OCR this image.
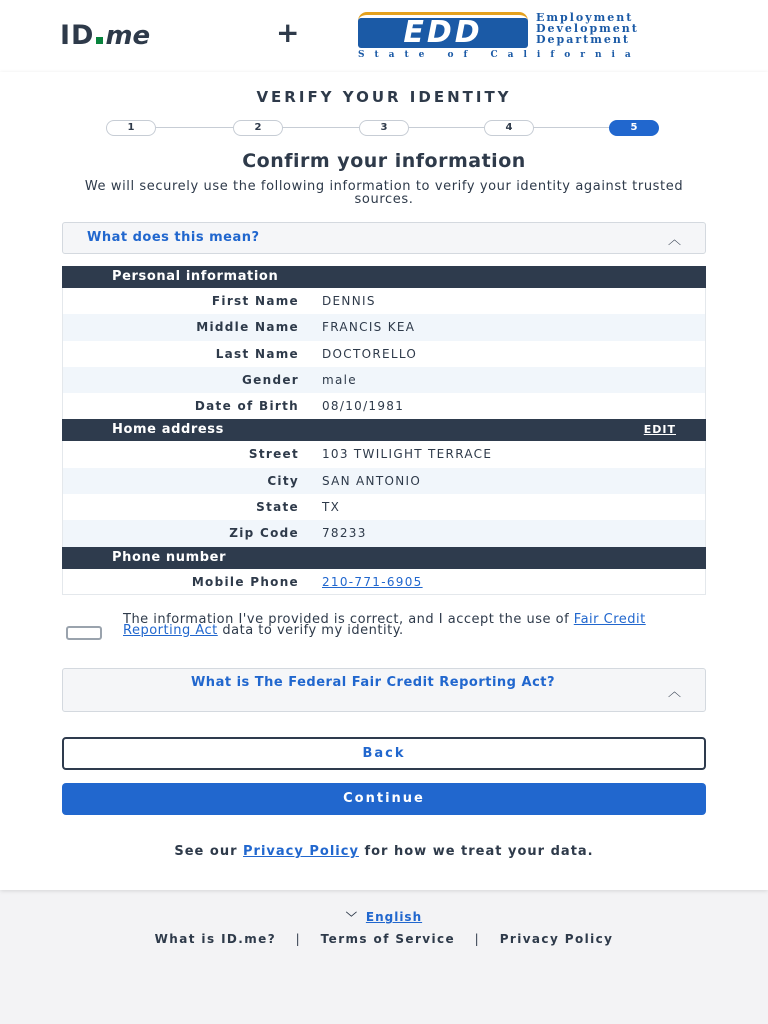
ID me	+	EDD	Employment
Development
Department
State of California
VERIFY YOUR IDENTITY
1	2	3	4	5
Confirm your information
We will securely use the following information to verify your identity against trusted sources.
What does this mean?	︿
Personal information
First Name DENNIS
Middle Name FRANCIS KEA
Last Name DOCTORELLO
Gender male
Date of Birth 08/10/1981
Home address	EDIT
Street 103 TWILIGHT TERRACE
City SAN ANTONIO
State TX
Zip Code 78233
Phone number
Mobile Phone 210-771-6905
The information I've provided is correct, and I accept the use of Fair Credit Reporting Act data to verify my identity.
What is The Federal Fair Credit Reporting Act?
︿
Back
Continue
See our Privacy Policy for how we treat your data.
﹀ English
What is ID.me? | Terms of Service | Privacy Policy
